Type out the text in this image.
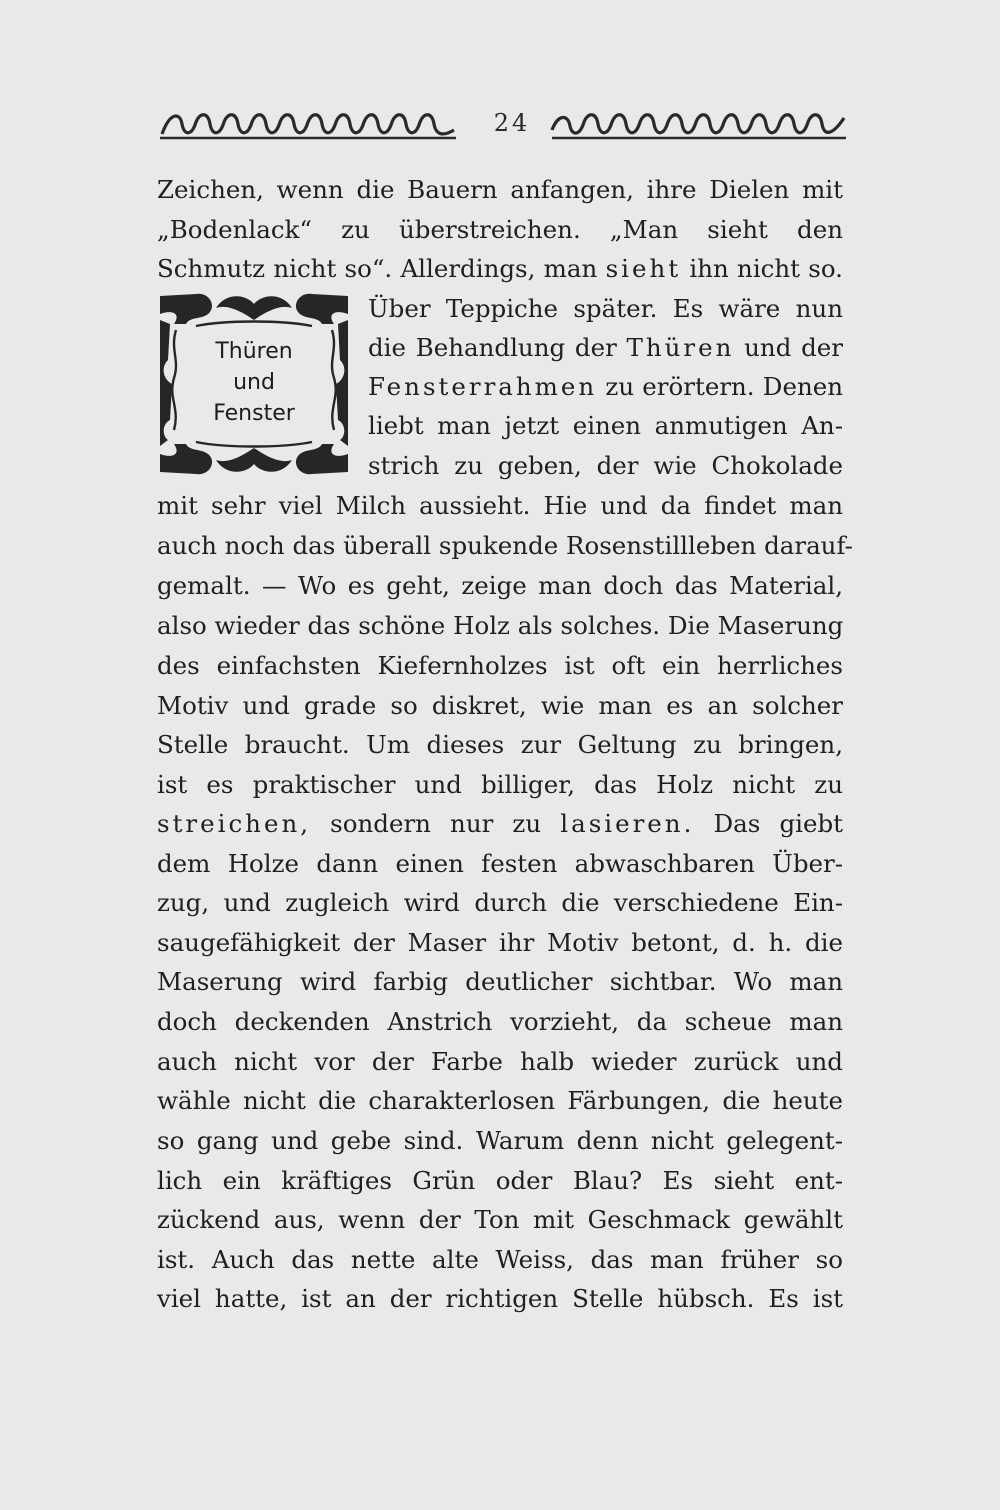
24
Zeichen, wenn die Bauern anfangen, ihre Dielen mit
„Bodenlack“ zu überstreichen. „Man sieht den
Schmutz nicht so“. Allerdings, man sieht ihn nicht so.
Thüren
und
Fenster
Über Teppiche später. Es wäre nun
die Behandlung der Thüren und der
Fensterrahmen zu erörtern. Denen
liebt man jetzt einen anmutigen An-
strich zu geben, der wie Chokolade
mit sehr viel Milch aussieht. Hie und da findet man
auch noch das überall spukende Rosenstillleben darauf-
gemalt. — Wo es geht, zeige man doch das Material,
also wieder das schöne Holz als solches. Die Maserung
des einfachsten Kiefernholzes ist oft ein herrliches
Motiv und grade so diskret, wie man es an solcher
Stelle braucht. Um dieses zur Geltung zu bringen,
ist es praktischer und billiger, das Holz nicht zu
streichen, sondern nur zu lasieren. Das giebt
dem Holze dann einen festen abwaschbaren Über-
zug, und zugleich wird durch die verschiedene Ein-
saugefähigkeit der Maser ihr Motiv betont, d. h. die
Maserung wird farbig deutlicher sichtbar. Wo man
doch deckenden Anstrich vorzieht, da scheue man
auch nicht vor der Farbe halb wieder zurück und
wähle nicht die charakterlosen Färbungen, die heute
so gang und gebe sind. Warum denn nicht gelegent-
lich ein kräftiges Grün oder Blau? Es sieht ent-
zückend aus, wenn der Ton mit Geschmack gewählt
ist. Auch das nette alte Weiss, das man früher so
viel hatte, ist an der richtigen Stelle hübsch. Es ist
